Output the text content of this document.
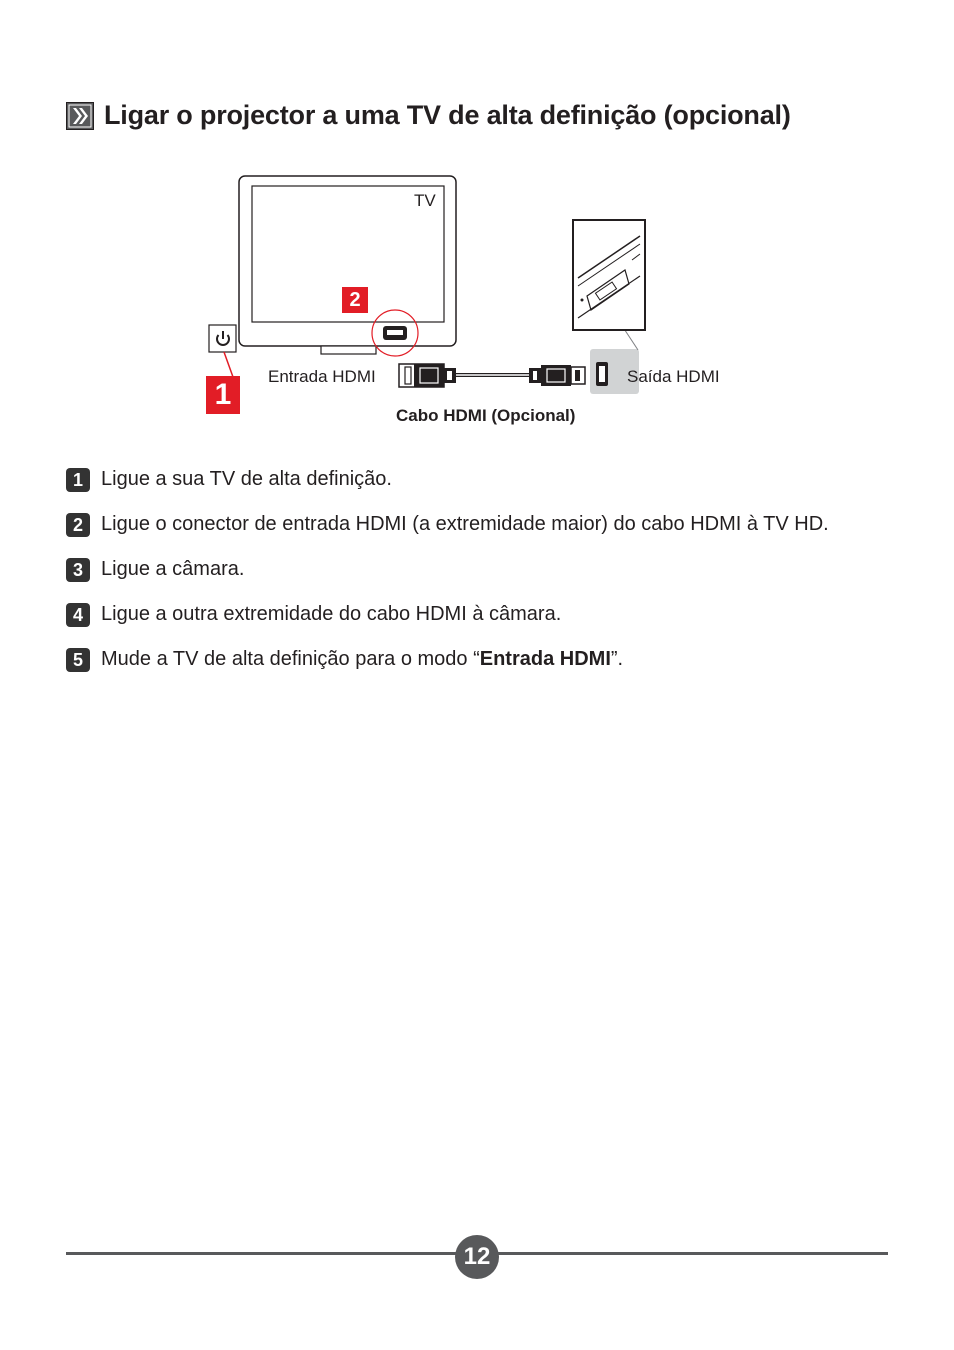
Ligar o projector a uma TV de alta definição (opcional)
TV
2
1
Entrada HDMI	Saída HDMI
Cabo HDMI (Opcional)
1 Ligue a sua TV de alta definição.
2 Ligue o conector de entrada HDMI (a extremidade maior) do cabo HDMI à TV HD.
3 Ligue a câmara.
4 Ligue a outra extremidade do cabo HDMI à câmara.
5 Mude a TV de alta definição para o modo “Entrada HDMI”.
12
